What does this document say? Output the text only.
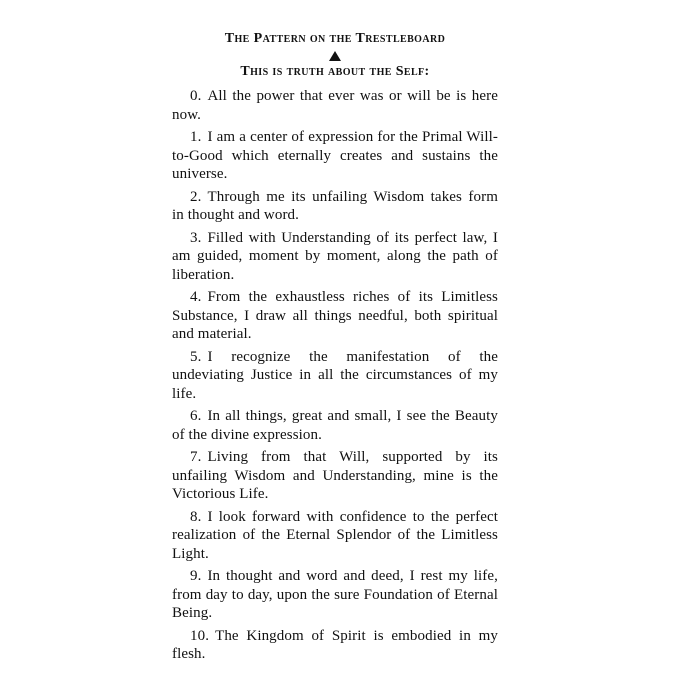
The Pattern on the Trestleboard
This is truth about the Self:

0. All the power that ever was or will be is here now.

1. I am a center of expression for the Primal Will-to-Good which eternally creates and sustains the universe.

2. Through me its unfailing Wisdom takes form in thought and word.

3. Filled with Understanding of its perfect law, I am guided, moment by moment, along the path of liberation.

4. From the exhaustless riches of its Limitless Substance, I draw all things needful, both spiritual and material.

5. I recognize the manifestation of the undeviating Justice in all the circumstances of my life.

6. In all things, great and small, I see the Beauty of the divine expression.

7. Living from that Will, supported by its unfailing Wisdom and Understanding, mine is the Victorious Life.

8. I look forward with confidence to the perfect realization of the Eternal Splendor of the Limitless Light.

9. In thought and word and deed, I rest my life, from day to day, upon the sure Foundation of Eternal Being.

10. The Kingdom of Spirit is embodied in my flesh.
